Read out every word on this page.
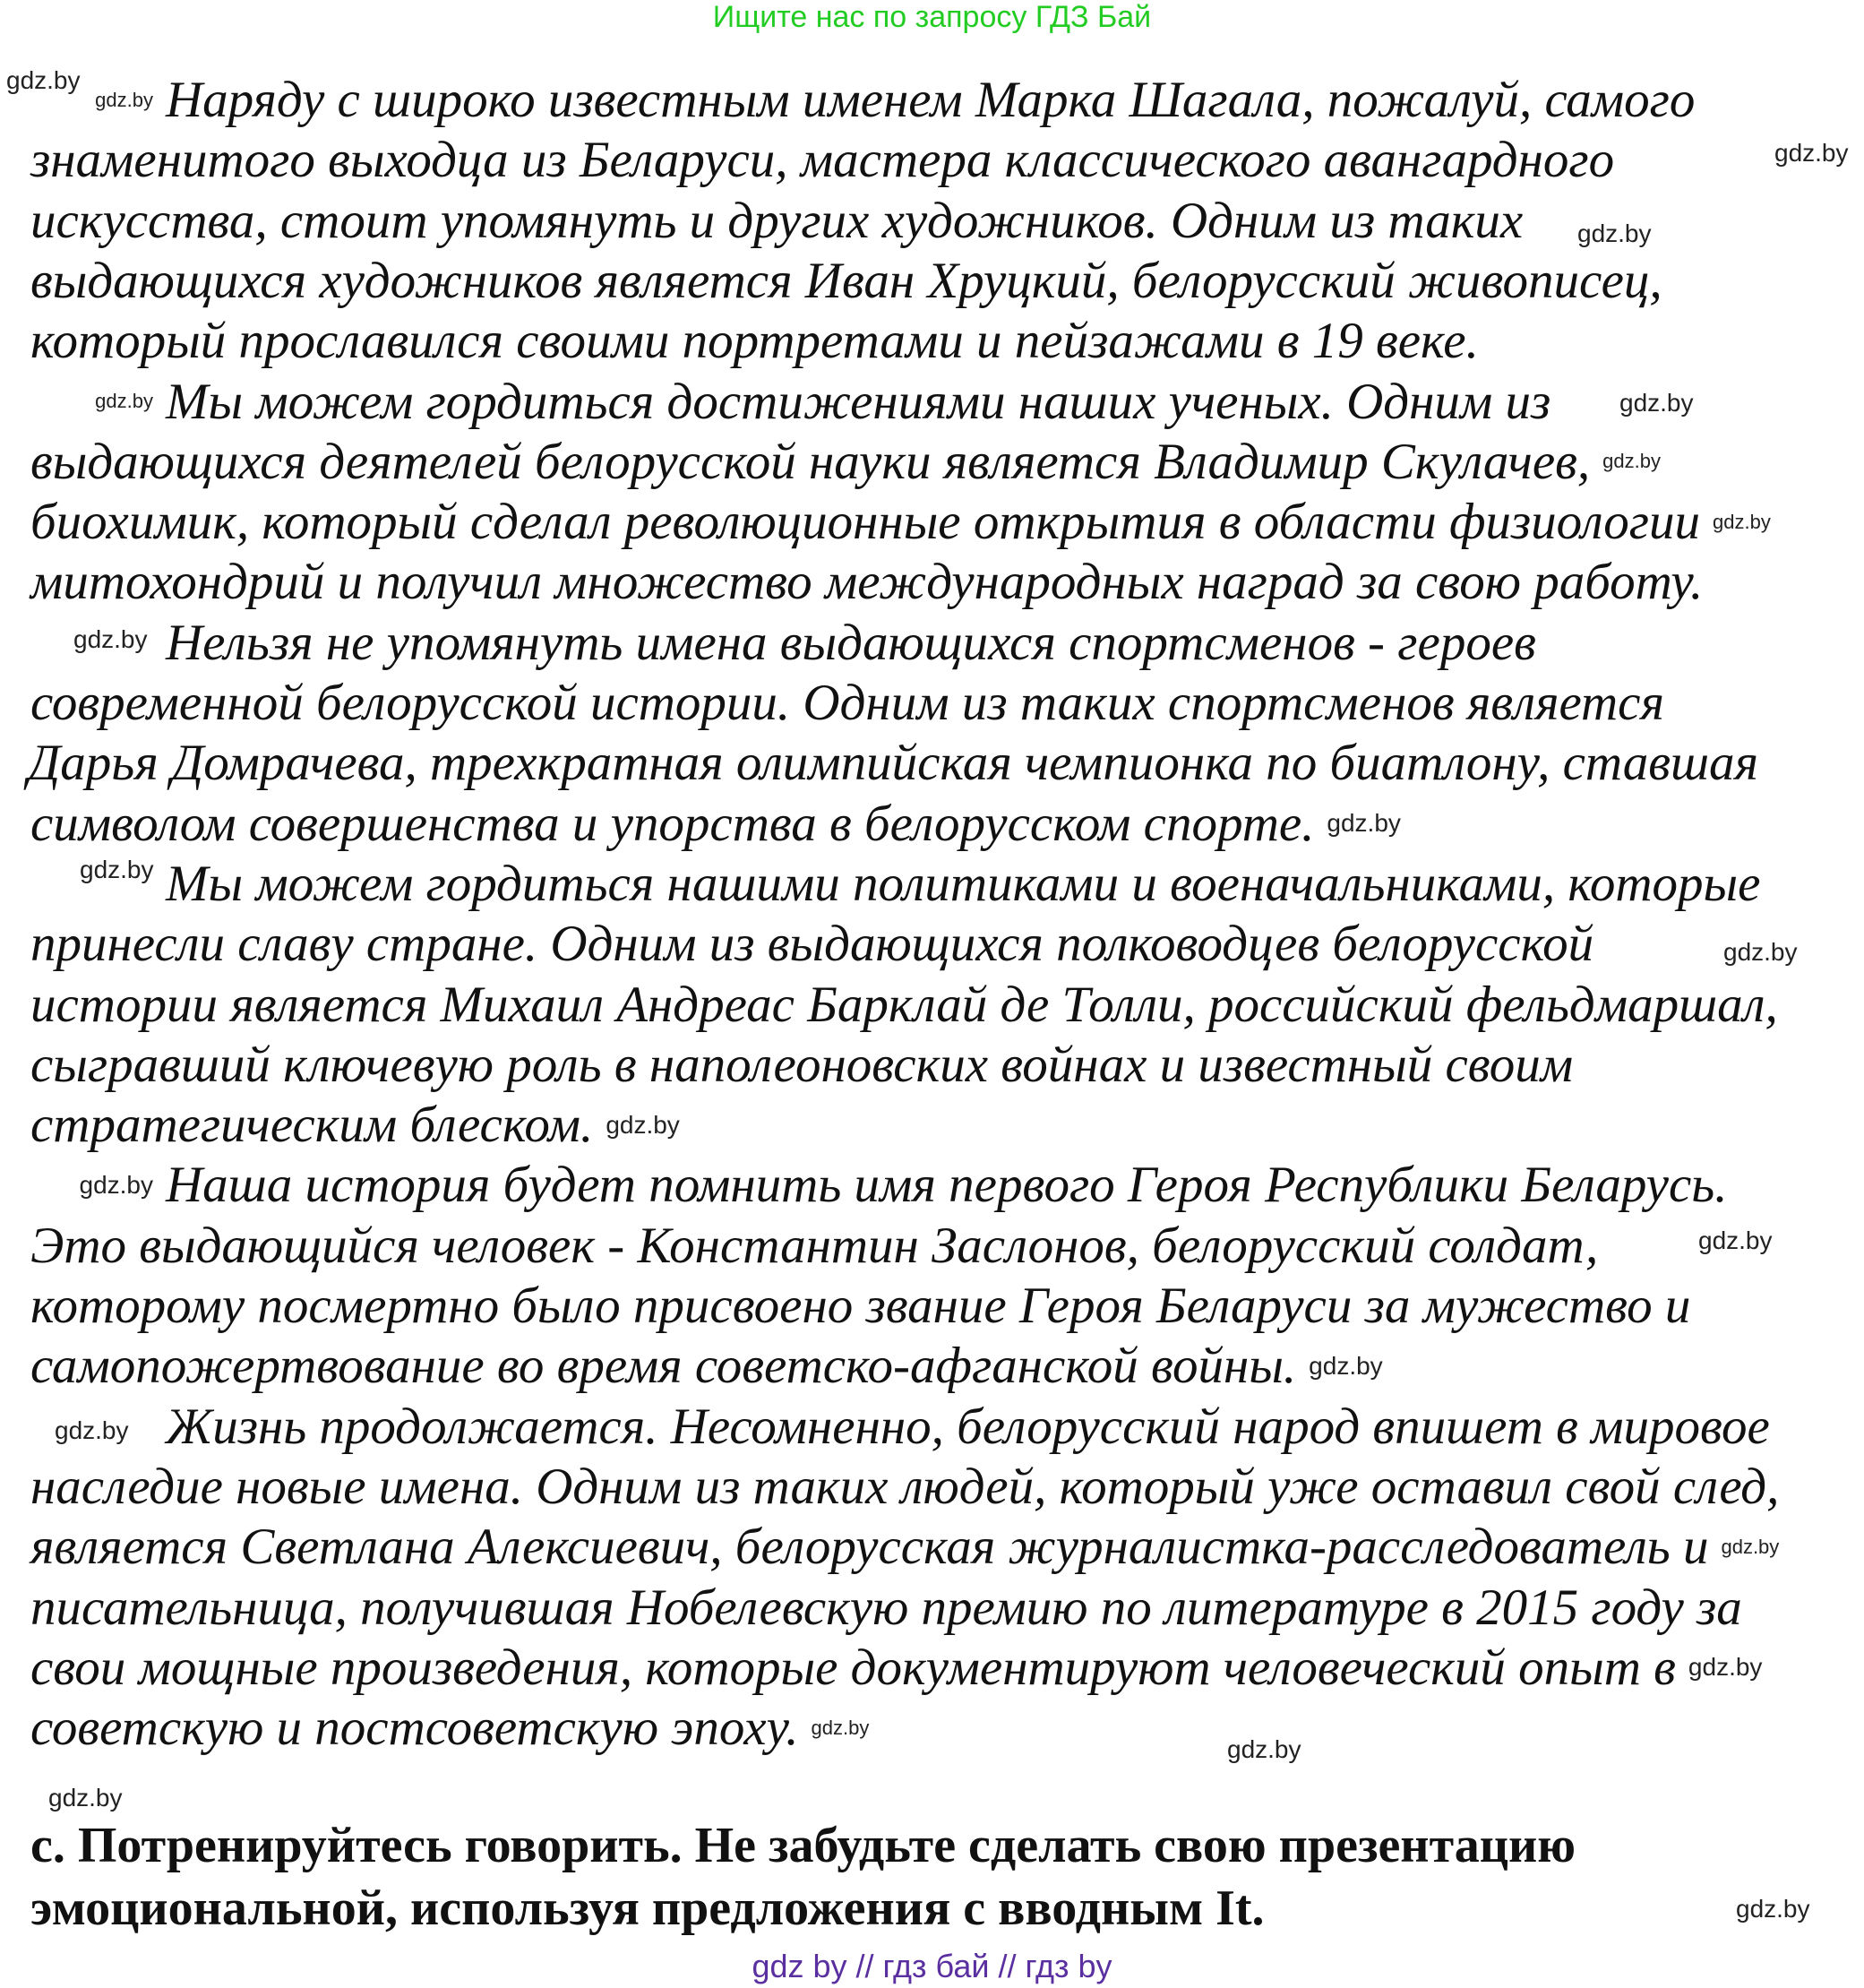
Ищите нас по запросу ГДЗ Бай
Наряду с широко известным именем Марка Шагала, пожалуй, самого
знаменитого выходца из Беларуси, мастера классического авангардного
искусства, стоит упомянуть и других художников. Одним из таких
выдающихся художников является Иван Хруцкий, белорусский живописец,
который прославился своими портретами и пейзажами в 19 веке.
Мы можем гордиться достижениями наших ученых. Одним из
выдающихся деятелей белорусской науки является Владимир Скулачев,
биохимик, который сделал революционные открытия в области физиологии
митохондрий и получил множество международных наград за свою работу.
Нельзя не упомянуть имена выдающихся спортсменов - героев
современной белорусской истории. Одним из таких спортсменов является
Дарья Домрачева, трехкратная олимпийская чемпионка по биатлону, ставшая
символом совершенства и упорства в белорусском спорте.
Мы можем гордиться нашими политиками и военачальниками, которые
принесли славу стране. Одним из выдающихся полководцев белорусской
истории является Михаил Андреас Барклай де Толли, российский фельдмаршал,
сыгравший ключевую роль в наполеоновских войнах и известный своим
стратегическим блеском.
Наша история будет помнить имя первого Героя Республики Беларусь.
Это выдающийся человек - Константин Заслонов, белорусский солдат,
которому посмертно было присвоено звание Героя Беларуси за мужество и
самопожертвование во время советско-афганской войны.
Жизнь продолжается. Несомненно, белорусский народ впишет в мировое
наследие новые имена. Одним из таких людей, который уже оставил свой след,
является Светлана Алексиевич, белорусская журналистка-расследователь и
писательница, получившая Нобелевскую премию по литературе в 2015 году за
свои мощные произведения, которые документируют человеческий опыт в
советскую и постсоветскую эпоху.
с. Потренируйтесь говорить. Не забудьте сделать свою презентацию
эмоциональной, используя предложения с вводным It.
gdz.by
gdz.by
gdz.by
gdz.by
gdz.by	gdz.by
gdz.by
gdz.by
gdz.by
gdz.by
gdz.by
gdz.by
gdz.by
gdz.by
gdz.by
gdz.by
gdz.by
gdz.by
gdz.by
gdz.by
gdz.by
gdz.by
gdz.by
gdz by // гдз бай // гдз by
